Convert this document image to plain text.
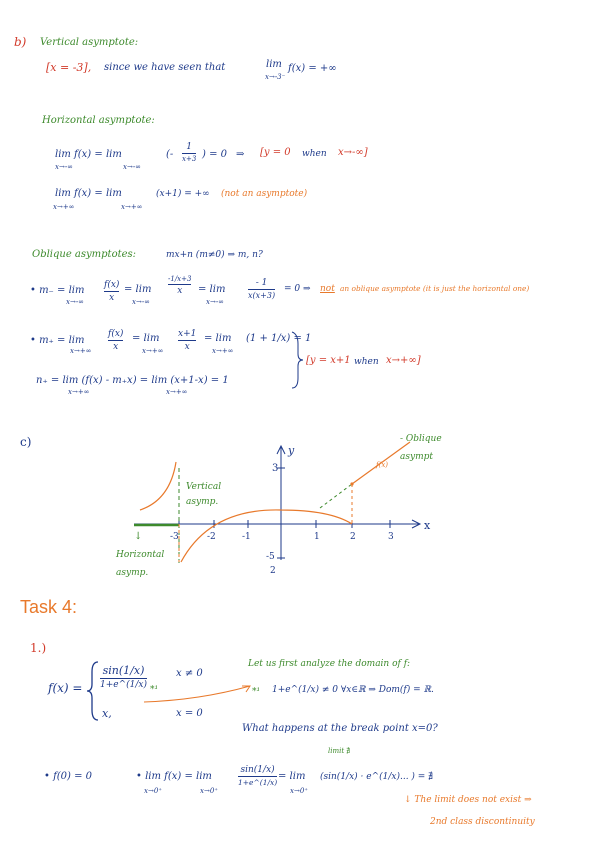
b) Vertical asymptote:
[x = -3], since we have seen that	lim
x→-3⁻
f(x) = +∞
Horizontal asymptote:
lim f(x) = lim
x→-∞	x→-∞
(-
1
x+3 ) = 0 ⇒ [y = 0 when x→-∞]
lim f(x) = lim
x→+∞	x→+∞
(x+1) = +∞ (not an asymptote)
Oblique asymptotes:	mx+n (m≠0) ⇒ m, n?
• m₋ = lim
x→-∞
f(x)
x
= lim
x→-∞
-1/x+3
x = lim
x→-∞
- 1
x(x+3)
= 0 ⇒ not an oblique asymptote (it is just the horizontal one)
• m₊ = lim
x→+∞
f(x)
x
= lim
x→+∞
x+1
x
= lim
x→+∞
(1 + 1/x) = 1
n₊ = lim (f(x) - m₊x) = lim (x+1-x) = 1
x→+∞	x→+∞
[y = x+1 when x→+∞]
c)
y
x
3
-5
2
-3	-2	-1	1	2	3
Vertical asymp.
↓
Horizontal asymp.
- Oblique asympt
f(x)
Task 4:
1.)
f(x) =
sin(1/x)
1+e^(1/x) *¹
x ≠ 0
x,	x = 0
Let us first analyze the domain of f:
*¹ 1+e^(1/x) ≠ 0 ∀x∈ℝ ⇒ Dom(f) = ℝ.
What happens at the break point x=0?
• f(0) = 0	• lim f(x) = lim
x→0⁺	x→0⁺
sin(1/x)
1+e^(1/x)
= lim
x→0⁺
limit ∄
(sin(1/x) · e^(1/x)... ) = ∄
↓ The limit does not exist ⇒
2nd class discontinuity
